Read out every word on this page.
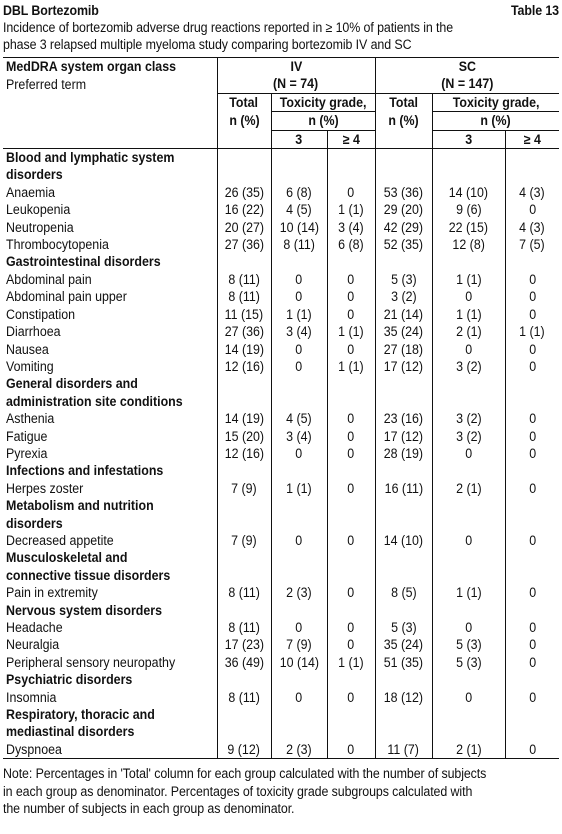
DBL Bortezomib	Table 13
Incidence of bortezomib adverse drug reactions reported in ≥ 10% of patients in the
phase 3 relapsed multiple myeloma study comparing bortezomib IV and SC
MedDRA system organ class	IV			SC		
Preferred term	(N = 74)			(N = 147)		
	Total	Toxicity grade,		Total	Toxicity grade,	
	n (%)	n (%)		n (%)	n (%)	
		3	≥ 4		3	≥ 4
Blood and lymphatic system						
disorders						
Anaemia	26 (35)	6 (8)	0	53 (36)	14 (10)	4 (3)
Leukopenia	16 (22)	4 (5)	1 (1)	29 (20)	9 (6)	0
Neutropenia	20 (27)	10 (14)	3 (4)	42 (29)	22 (15)	4 (3)
Thrombocytopenia	27 (36)	8 (11)	6 (8)	52 (35)	12 (8)	7 (5)
Gastrointestinal disorders						
Abdominal pain	8 (11)	0	0	5 (3)	1 (1)	0
Abdominal pain upper	8 (11)	0	0	3 (2)	0	0
Constipation	11 (15)	1 (1)	0	21 (14)	1 (1)	0
Diarrhoea	27 (36)	3 (4)	1 (1)	35 (24)	2 (1)	1 (1)
Nausea	14 (19)	0	0	27 (18)	0	0
Vomiting	12 (16)	0	1 (1)	17 (12)	3 (2)	0
General disorders and						
administration site conditions						
Asthenia	14 (19)	4 (5)	0	23 (16)	3 (2)	0
Fatigue	15 (20)	3 (4)	0	17 (12)	3 (2)	0
Pyrexia	12 (16)	0	0	28 (19)	0	0
Infections and infestations						
Herpes zoster	7 (9)	1 (1)	0	16 (11)	2 (1)	0
Metabolism and nutrition						
disorders						
Decreased appetite	7 (9)	0	0	14 (10)	0	0
Musculoskeletal and						
connective tissue disorders						
Pain in extremity	8 (11)	2 (3)	0	8 (5)	1 (1)	0
Nervous system disorders						
Headache	8 (11)	0	0	5 (3)	0	0
Neuralgia	17 (23)	7 (9)	0	35 (24)	5 (3)	0
Peripheral sensory neuropathy	36 (49)	10 (14)	1 (1)	51 (35)	5 (3)	0
Psychiatric disorders						
Insomnia	8 (11)	0	0	18 (12)	0	0
Respiratory, thoracic and						
mediastinal disorders						
Dyspnoea	9 (12)	2 (3)	0	11 (7)	2 (1)	0
Note: Percentages in 'Total' column for each group calculated with the number of subjects
in each group as denominator. Percentages of toxicity grade subgroups calculated with
the number of subjects in each group as denominator.
